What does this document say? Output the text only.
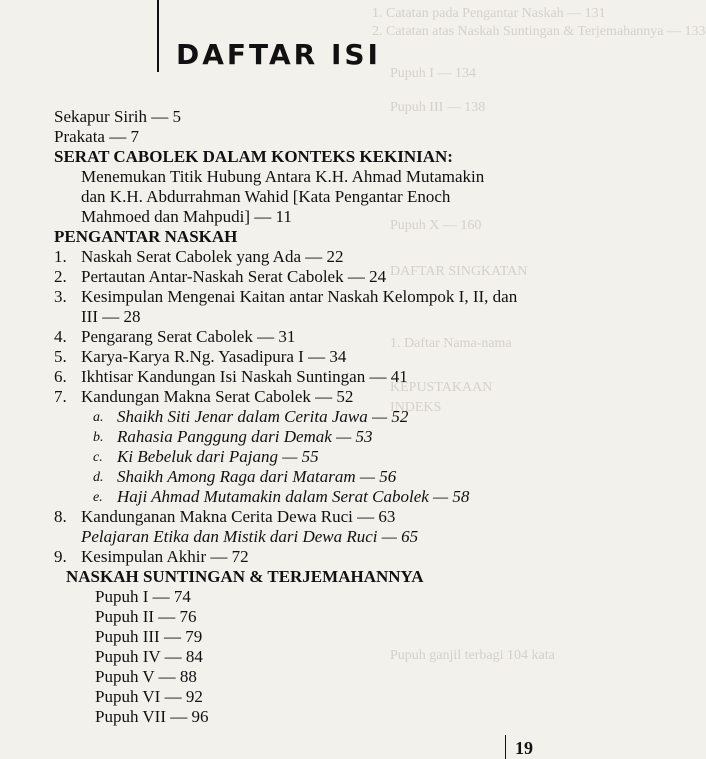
1. Catatan pada Pengantar Naskah — 131
2. Catatan atas Naskah Suntingan & Terjemahannya — 133
Pupuh I — 134
Pupuh III — 138
Pupuh X — 160
DAFTAR SINGKATAN
1. Daftar Nama-nama
KEPUSTAKAAN
INDEKS
Pupuh ganjil terbagi 104 kata
DAFTAR ISI
Sekapur Sirih — 5
Prakata — 7
SERAT CABOLEK DALAM KONTEKS KEKINIAN:
Menemukan Titik Hubung Antara K.H. Ahmad Mutamakin
dan K.H. Abdurrahman Wahid [Kata Pengantar Enoch
Mahmoed dan Mahpudi] — 11
PENGANTAR NASKAH
1. Naskah Serat Cabolek yang Ada — 22
2. Pertautan Antar-Naskah Serat Cabolek — 24
3. Kesimpulan Mengenai Kaitan antar Naskah Kelompok I, II, dan
III — 28
4. Pengarang Serat Cabolek — 31
5. Karya-Karya R.Ng. Yasadipura I — 34
6. Ikhtisar Kandungan Isi Naskah Suntingan — 41
7. Kandungan Makna Serat Cabolek — 52
a. Shaikh Siti Jenar dalam Cerita Jawa — 52
b. Rahasia Panggung dari Demak — 53
c. Ki Bebeluk dari Pajang — 55
d. Shaikh Among Raga dari Mataram — 56
e. Haji Ahmad Mutamakin dalam Serat Cabolek — 58
8. Kandunganan Makna Cerita Dewa Ruci — 63
Pelajaran Etika dan Mistik dari Dewa Ruci — 65
9. Kesimpulan Akhir — 72
NASKAH SUNTINGAN & TERJEMAHANNYA
Pupuh I — 74
Pupuh II — 76
Pupuh III — 79
Pupuh IV — 84
Pupuh V — 88
Pupuh VI — 92
Pupuh VII — 96
19
